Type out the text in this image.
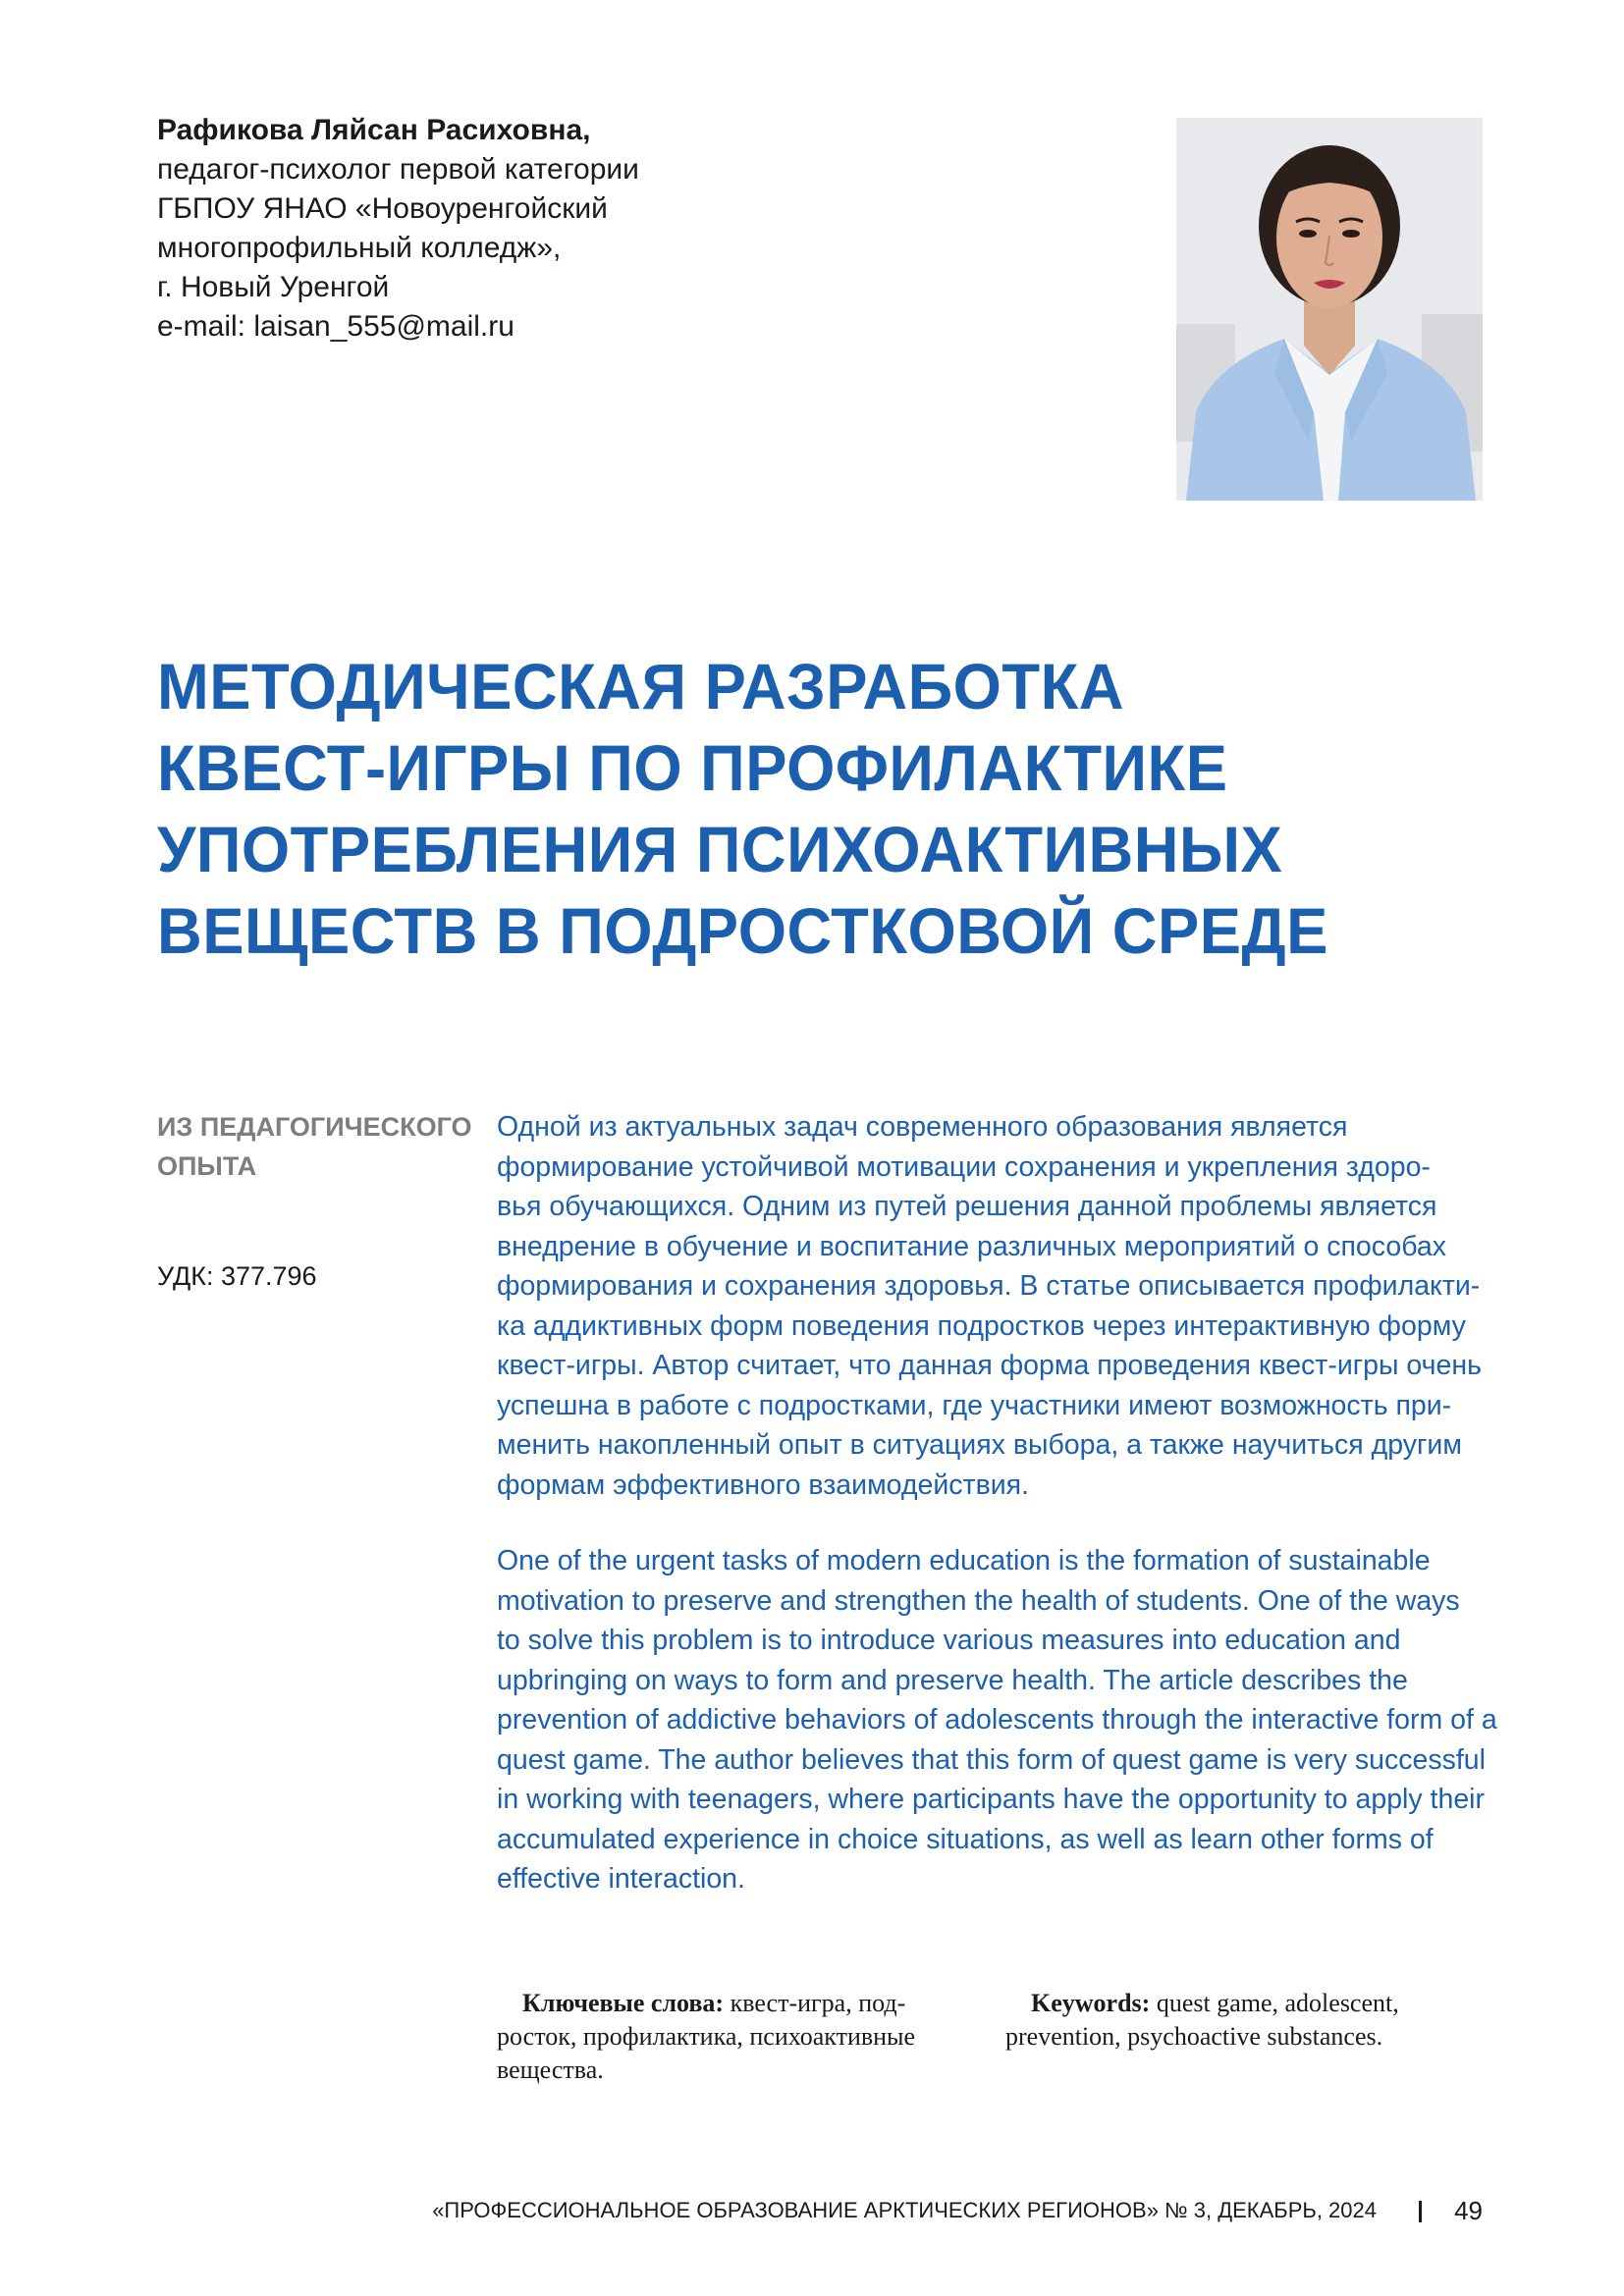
Рафикова Ляйсан Расиховна,
педагог-психолог первой категории
ГБПОУ ЯНАО «Новоуренгойский
многопрофильный колледж»,
г. Новый Уренгой
e-mail: laisan_555@mail.ru
МЕТОДИЧЕСКАЯ РАЗРАБОТКА
КВЕСТ-ИГРЫ ПО ПРОФИЛАКТИКЕ
УПОТРЕБЛЕНИЯ ПСИХОАКТИВНЫХ
ВЕЩЕСТВ В ПОДРОСТКОВОЙ СРЕДЕ
ИЗ ПЕДАГОГИЧЕСКОГО
ОПЫТА
УДК: 377.796
Одной из актуальных задач современного образования является
формирование устойчивой мотивации сохранения и укрепления здоро-
вья обучающихся. Одним из путей решения данной проблемы является
внедрение в обучение и воспитание различных мероприятий о способах
формирования и сохранения здоровья. В статье описывается профилакти-
ка аддиктивных форм поведения подростков через интерактивную форму
квест-игры. Автор считает, что данная форма проведения квест-игры очень
успешна в работе с подростками, где участники имеют возможность при-
менить накопленный опыт в ситуациях выбора, а также научиться другим
формам эффективного взаимодействия.
One of the urgent tasks of modern education is the formation of sustainable
motivation to preserve and strengthen the health of students. One of the ways
to solve this problem is to introduce various measures into education and
upbringing on ways to form and preserve health. The article describes the
prevention of addictive behaviors of adolescents through the interactive form of a
quest game. The author believes that this form of quest game is very successful
in working with teenagers, where participants have the opportunity to apply their
accumulated experience in choice situations, as well as learn other forms of
effective interaction.
Ключевые слова: квест-игра, под-
росток, профилактика, психоактивные
вещества.
Keywords: quest game, adolescent,
prevention, psychoactive substances.
«ПРОФЕССИОНАЛЬНОЕ ОБРАЗОВАНИЕ АРКТИЧЕСКИХ РЕГИОНОВ» № 3, ДЕКАБРЬ, 2024	49
